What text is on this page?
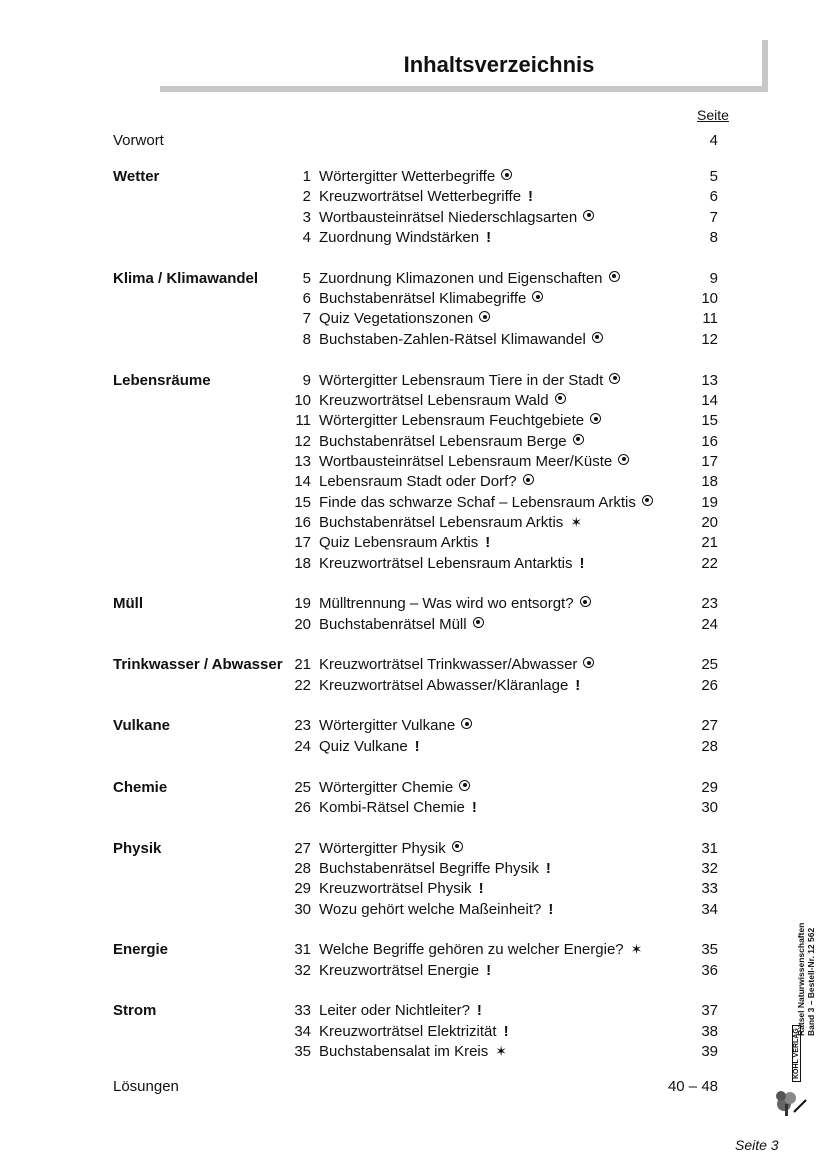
Inhaltsverzeichnis
Seite
Vorwort	4
Wetter	1 Wörtergitter Wetterbegriffe	5
2 Kreuzworträtsel Wetterbegriffe !	6
3 Wortbausteinrätsel Niederschlagsarten	7
4 Zuordnung Windstärken !	8
Klima / Klimawandel	5 Zuordnung Klimazonen und Eigenschaften	9
6 Buchstabenrätsel Klimabegriffe	10
7 Quiz Vegetationszonen	11
8 Buchstaben-Zahlen-Rätsel Klimawandel	12
Lebensräume	9 Wörtergitter Lebensraum Tiere in der Stadt	13
10 Kreuzworträtsel Lebensraum Wald	14
11 Wörtergitter Lebensraum Feuchtgebiete	15
12 Buchstabenrätsel Lebensraum Berge	16
13 Wortbausteinrätsel Lebensraum Meer/Küste	17
14 Lebensraum Stadt oder Dorf?	18
15 Finde das schwarze Schaf – Lebensraum Arktis	19
16 Buchstabenrätsel Lebensraum Arktis ✶	20
17 Quiz Lebensraum Arktis !	21
18 Kreuzworträtsel Lebensraum Antarktis !	22
Müll	19 Mülltrennung – Was wird wo entsorgt?	23
20 Buchstabenrätsel Müll	24
Trinkwasser / Abwasser 21 Kreuzworträtsel Trinkwasser/Abwasser	25
22 Kreuzworträtsel Abwasser/Kläranlage !	26
Vulkane	23 Wörtergitter Vulkane	27
24 Quiz Vulkane !	28
Chemie	25 Wörtergitter Chemie	29
26 Kombi-Rätsel Chemie !	30
Physik	27 Wörtergitter Physik	31
28 Buchstabenrätsel Begriffe Physik !	32
29 Kreuzworträtsel Physik !	33
30 Wozu gehört welche Maßeinheit? !	34
Energie	31 Welche Begriffe gehören zu welcher Energie? ✶	35
32 Kreuzworträtsel Energie !	36
Strom	33 Leiter oder Nichtleiter? !	37
34 Kreuzworträtsel Elektrizität !	38
35 Buchstabensalat im Kreis ✶	39
Lösungen	40 – 48
Rätsel Naturwissenschaften Band 3 – Bestell-Nr. 12 562
KOHL VERLAG
Seite 3
